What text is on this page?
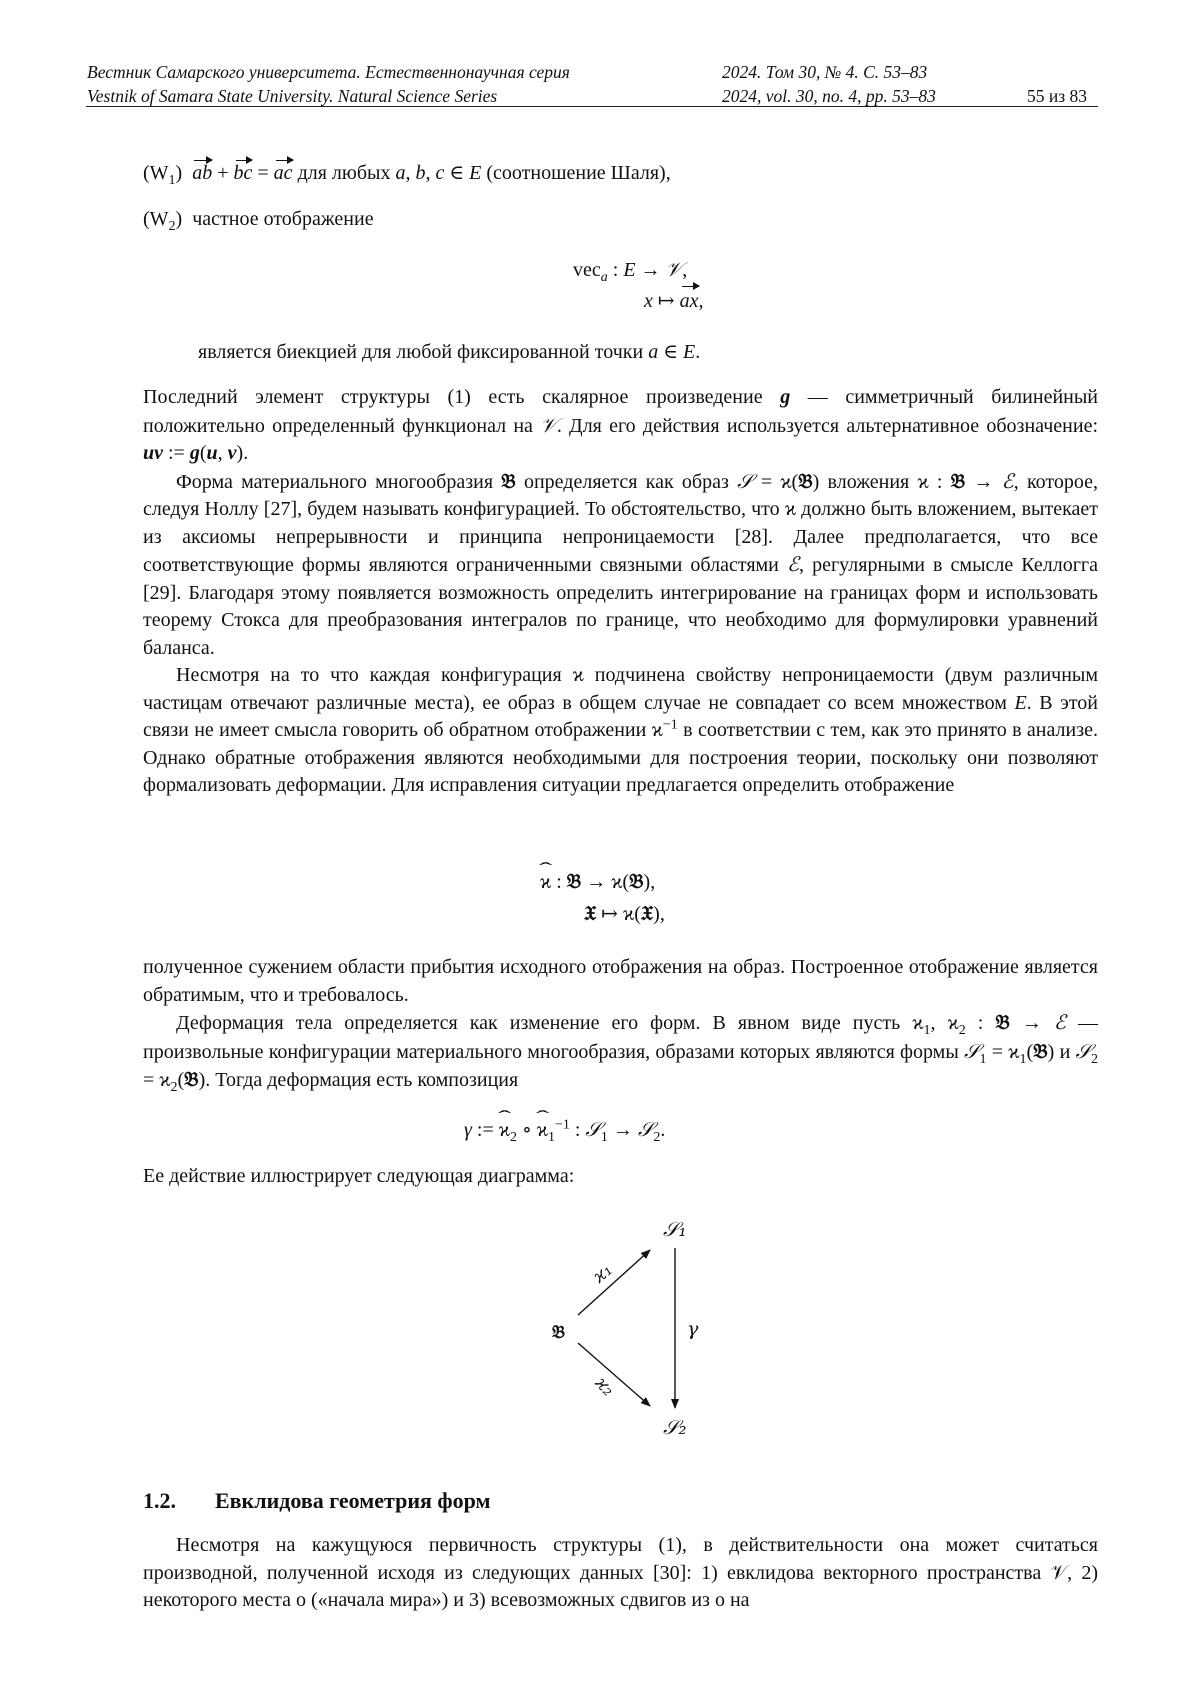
Вестник Самарского университета. Естественнонаучная серия	2024. Том 30, № 4. С. 53–83
Vestnik of Samara State University. Natural Science Series	2024, vol. 30, no. 4, pp. 53–83	55 из 83
$(W_1)$ ab + bc = ac для любых a, b, c ∈ E (соотношение Шаля),
$(W_2)$ частное отображение
vec$_a$ : E → 𝒱,
x ↦ ax,
является биекцией для любой фиксированной точки a ∈ E.

Последний элемент структуры (1) есть скалярное произведение g — симметричный билинейный положительно определенный функционал на 𝒱. Для его действия используется альтернативное обозначение: uv := g(u, v).

Форма материального многообразия 𝔅 определяется как образ 𝒮 = ϰ(𝔅) вложения ϰ : 𝔅 → ℰ, которое, следуя Ноллу [27], будем называть конфигурацией. То обстоятельство, что ϰ должно быть вложением, вытекает из аксиомы непрерывности и принципа непроницаемости [28]. Далее предполагается, что все соответствующие формы являются ограниченными связными областями ℰ, регулярными в смысле Келлогга [29]. Благодаря этому появляется возможность определить интегрирование на границах форм и использовать теорему Стокса для преобразования интегралов по границе, что необходимо для формулировки уравнений баланса.

Несмотря на то что каждая конфигурация ϰ подчинена свойству непроницаемости (двум различным частицам отвечают различные места), ее образ в общем случае не совпадает со всем множеством E. В этой связи не имеет смысла говорить об обратном отображении $ϰ^{-1}$ в соответствии с тем, как это принято в анализе. Однако обратные отображения являются необходимыми для построения теории, поскольку они позволяют формализовать деформации. Для исправления ситуации предлагается определить отображение

ˆ ϰ : 𝔅 → ϰ(𝔅),
𝔛 ↦ ϰ(𝔛),

полученное сужением области прибытия исходного отображения на образ. Построенное отображение является обратимым, что и требовалось.

Деформация тела определяется как изменение его форм. В явном виде пусть $ϰ_1$, $ϰ_2$ : 𝔅 → ℰ — произвольные конфигурации материального многообразия, образами которых являются формы 𝒮$_1$ = $ϰ_1(𝔅)$ и 𝒮$_2$ = $ϰ_2(𝔅)$. Тогда деформация есть композиция

γ := ˆ $ϰ_2$ ∘ ˆ $ϰ_1^{-1}$ : 𝒮$_1$ → 𝒮$_2$.
Ее действие иллюстрирует следующая диаграмма:
𝒮₁
𝔅
𝒮₂
ϰ₁
ϰ₂
γ
1.2. Евклидова геометрия форм

Несмотря на кажущуюся первичность структуры (1), в действительности она может считаться производной, полученной исходя из следующих данных [30]: 1) евклидова векторного пространства 𝒱, 2) некоторого места o («начала мира») и 3) всевозможных сдвигов из o на
